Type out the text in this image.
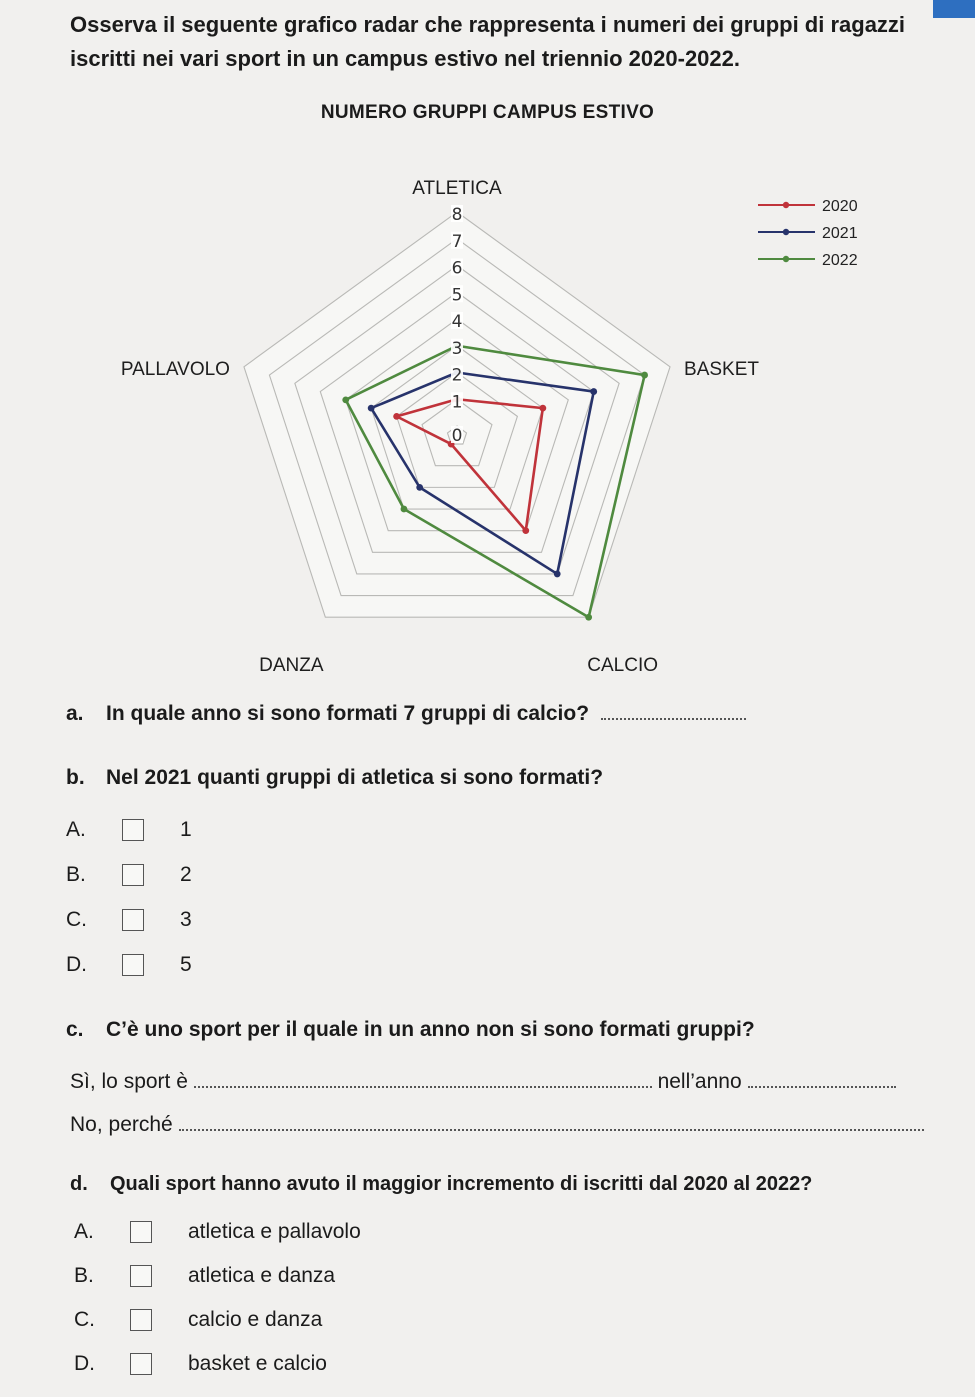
Osserva il seguente grafico radar che rappresenta i numeri dei gruppi di ragazzi iscritti nei vari sport in un campus estivo nel triennio 2020-2022.

NUMERO GRUPPI CAMPUS ESTIVO
0
1
2
3
4
5
6
7
8
ATLETICA
BASKET
CALCIO
DANZA
PALLAVOLO
2020
2021
2022
a. In quale anno si sono formati 7 gruppi di calcio?
b. Nel 2021 quanti gruppi di atletica si sono formati?
A.	1
B.	2
C.	3
D.	5
c. C’è uno sport per il quale in un anno non si sono formati gruppi?
Sì, lo sport è	nell’anno
No, perché
d. Quali sport hanno avuto il maggior incremento di iscritti dal 2020 al 2022?
A.	atletica e pallavolo
B.	atletica e danza
C.	calcio e danza
D.	basket e calcio
